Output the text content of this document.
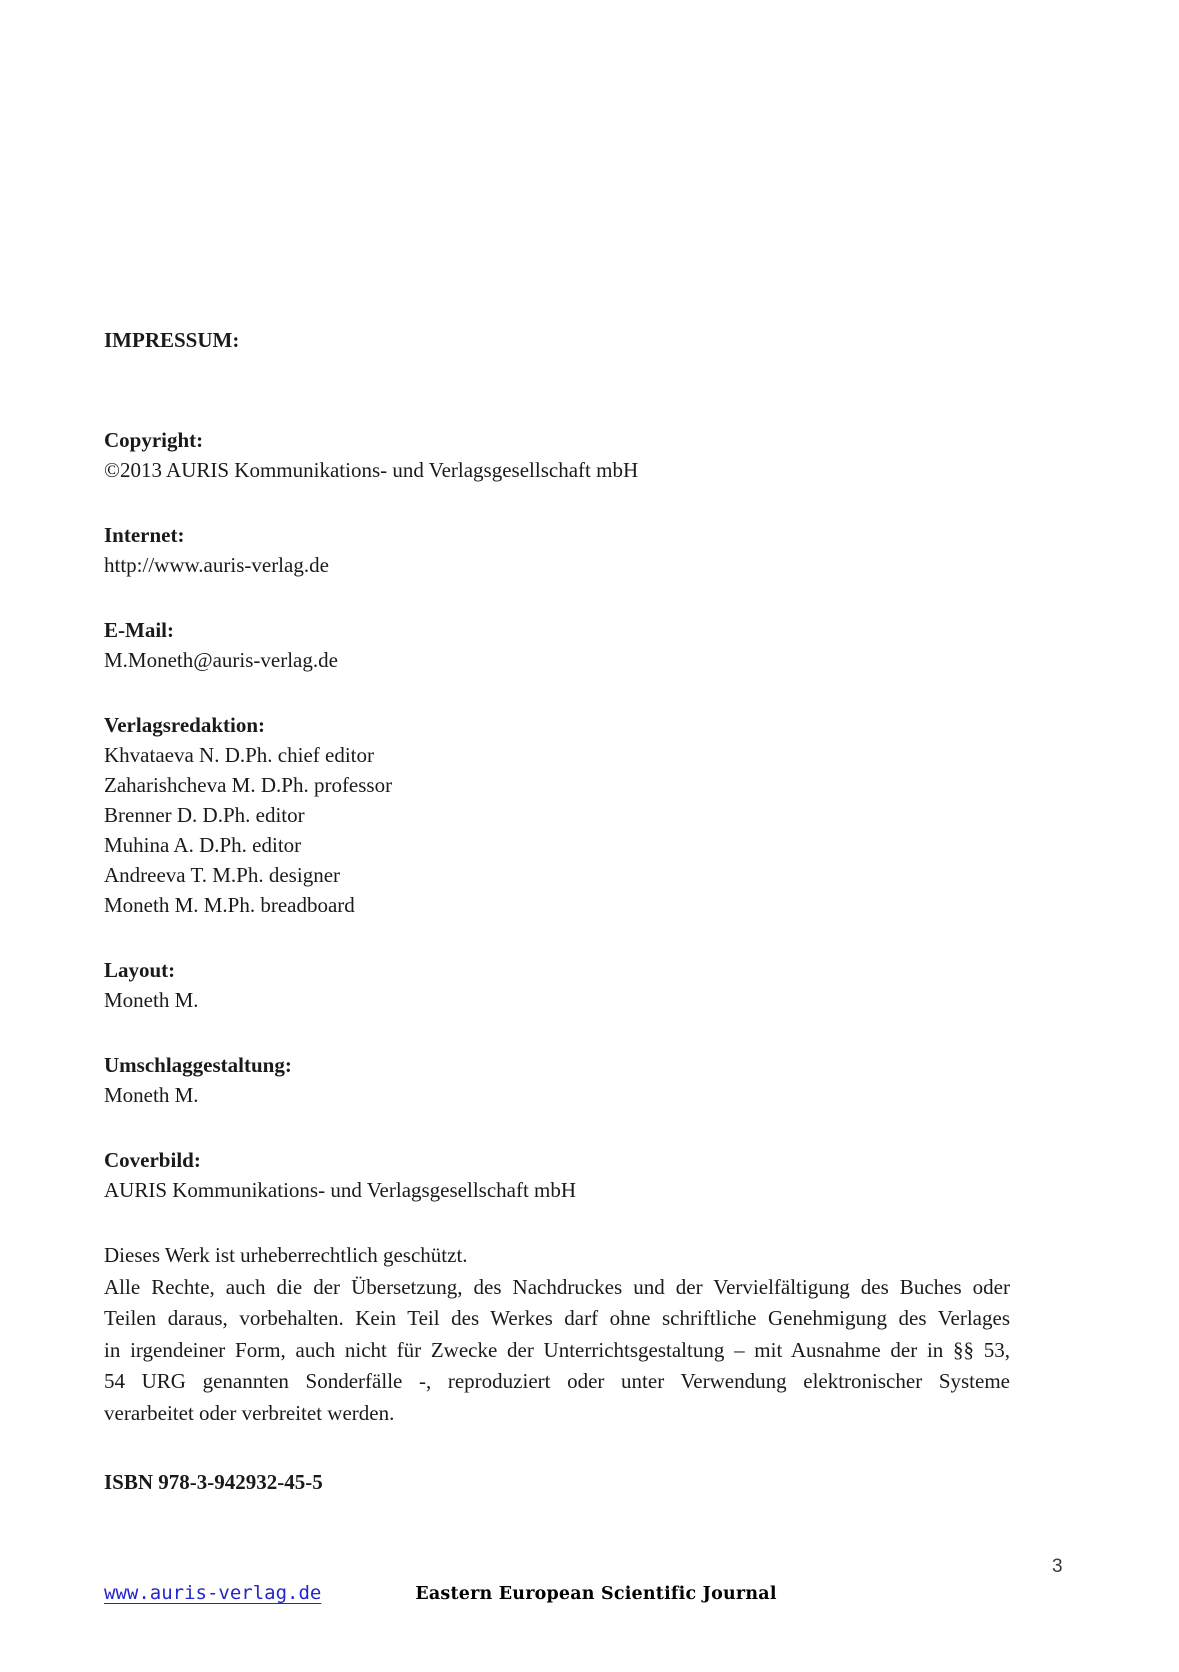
IMPRESSUM:
Copyright:
©2013 AURIS Kommunikations- und Verlagsgesellschaft mbH
Internet:
http://www.auris-verlag.de
E-Mail:
M.Moneth@auris-verlag.de
Verlagsredaktion:
Khvataeva N. D.Ph. chief editor
Zaharishcheva M. D.Ph. professor
Brenner D. D.Ph. editor
Muhina A. D.Ph. editor
Andreeva T. M.Ph. designer
Moneth M. M.Ph. breadboard
Layout:
Moneth M.
Umschlaggestaltung:
Moneth M.
Coverbild:
AURIS Kommunikations- und Verlagsgesellschaft mbH
Dieses Werk ist urheberrechtlich geschützt.
Alle Rechte, auch die der Übersetzung, des Nachdruckes und der Vervielfältigung des Buches oder
Teilen daraus, vorbehalten. Kein Teil des Werkes darf ohne schriftliche Genehmigung des Verlages
in irgendeiner Form, auch nicht für Zwecke der Unterrichtsgestaltung – mit Ausnahme der in §§ 53,
54 URG genannten Sonderfälle -, reproduziert oder unter Verwendung elektronischer Systeme
verarbeitet oder verbreitet werden.
ISBN 978-3-942932-45-5
3
www.auris-verlag.de	Eastern European Scientific Journal
